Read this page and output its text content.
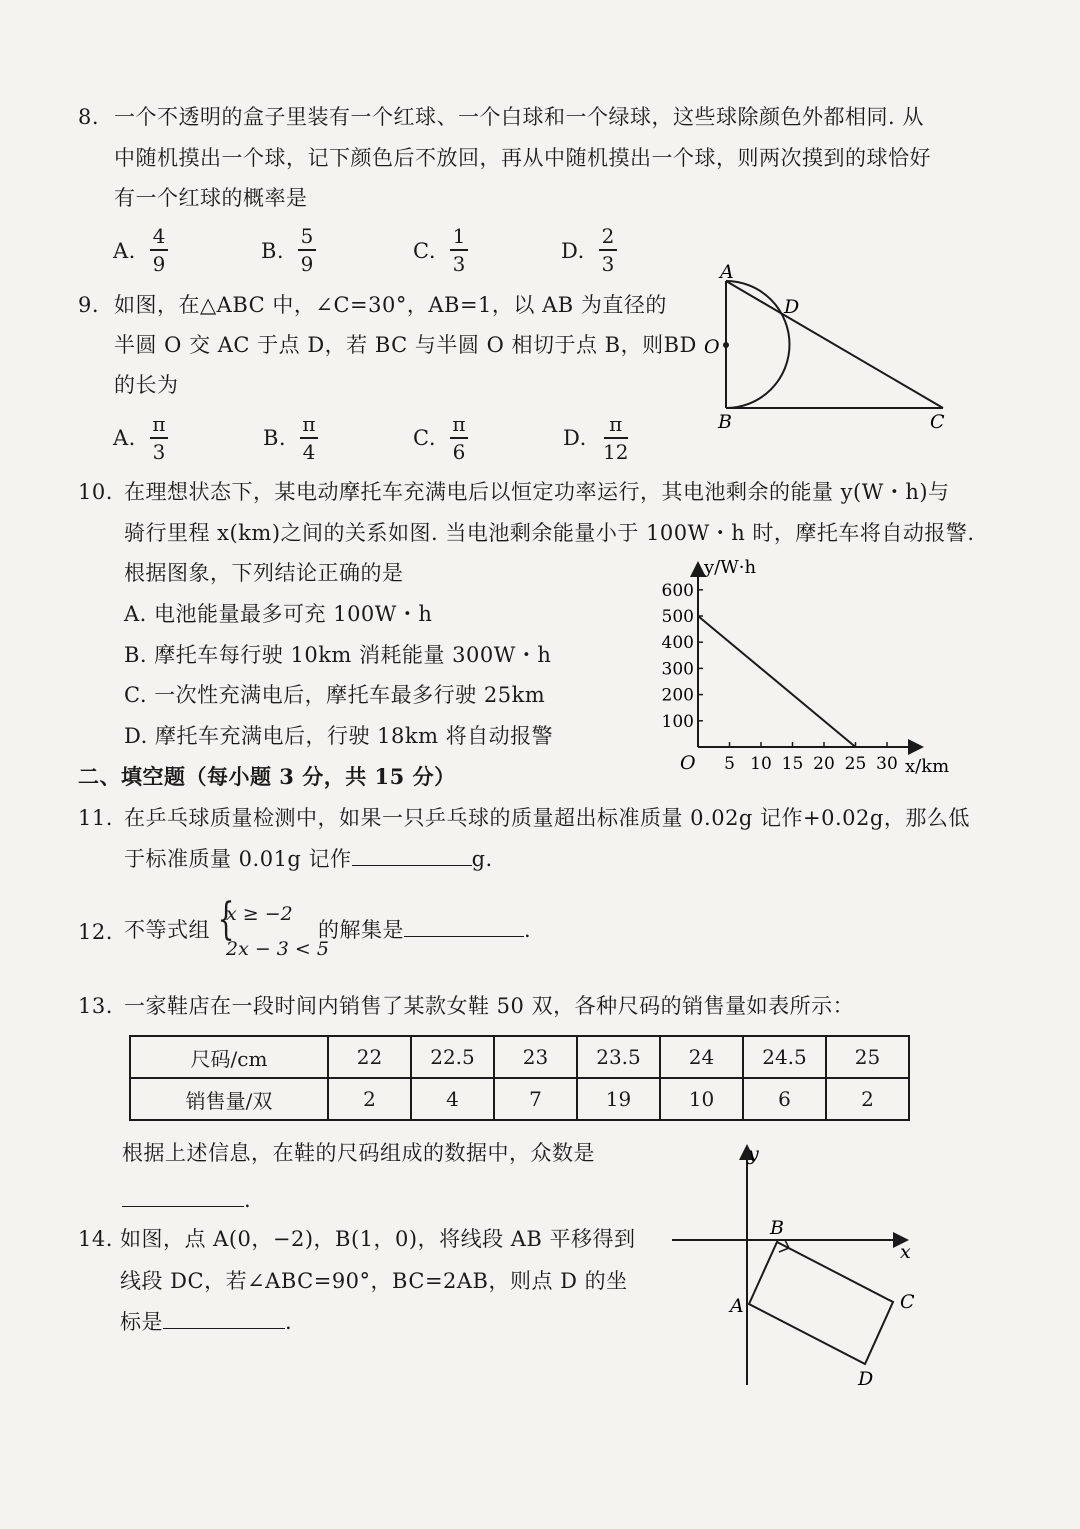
8. 一个不透明的盒子里装有一个红球、一个白球和一个绿球，这些球除颜色外都相同. 从
中随机摸出一个球，记下颜色后不放回，再从中随机摸出一个球，则两次摸到的球恰好
有一个红球的概率是
A.
4
9
B.
5
9
C.
1
3
D.
2
3
9. 如图，在△ABC 中，∠C=30°，AB=1，以 AB 为直径的
半圆 O 交 AC 于点 D，若 BC 与半圆 O 相切于点 B，则BD
的长为
A.
π
3
B.
π
4
C.
π
6
D.
π
12
A
D
O
B	C
10. 在理想状态下，某电动摩托车充满电后以恒定功率运行，其电池剩余的能量 y(W・h)与
骑行里程 x(km)之间的关系如图. 当电池剩余能量小于 100W・h 时，摩托车将自动报警.
根据图象，下列结论正确的是
A. 电池能量最多可充 100W・h
B. 摩托车每行驶 10km 消耗能量 300W・h
C. 一次性充满电后，摩托车最多行驶 25km
D. 摩托车充满电后，行驶 18km 将自动报警
100
200
300
400
500
600
5 10 15 20 25 30
y/W·h
x/km
O
二、填空题（每小题 3 分，共 15 分）
11. 在乒乓球质量检测中，如果一只乒乓球的质量超出标准质量 0.02g 记作+0.02g，那么低
于标准质量 0.01g 记作	g.
12. 不等式组 {
x ≥ −2
2x − 3 < 5
的解集是	.
13. 一家鞋店在一段时间内销售了某款女鞋 50 双，各种尺码的销售量如表所示：
尺码/cm	22	22.5	23	23.5	24	24.5	25
销售量/双	2	4	7	19	10	6	2
根据上述信息，在鞋的尺码组成的数据中，众数是
.
14. 如图，点 A(0，−2)，B(1，0)，将线段 AB 平移得到
线段 DC，若∠ABC=90°，BC=2AB，则点 D 的坐
标是	.
y
x
B
A	C
D
